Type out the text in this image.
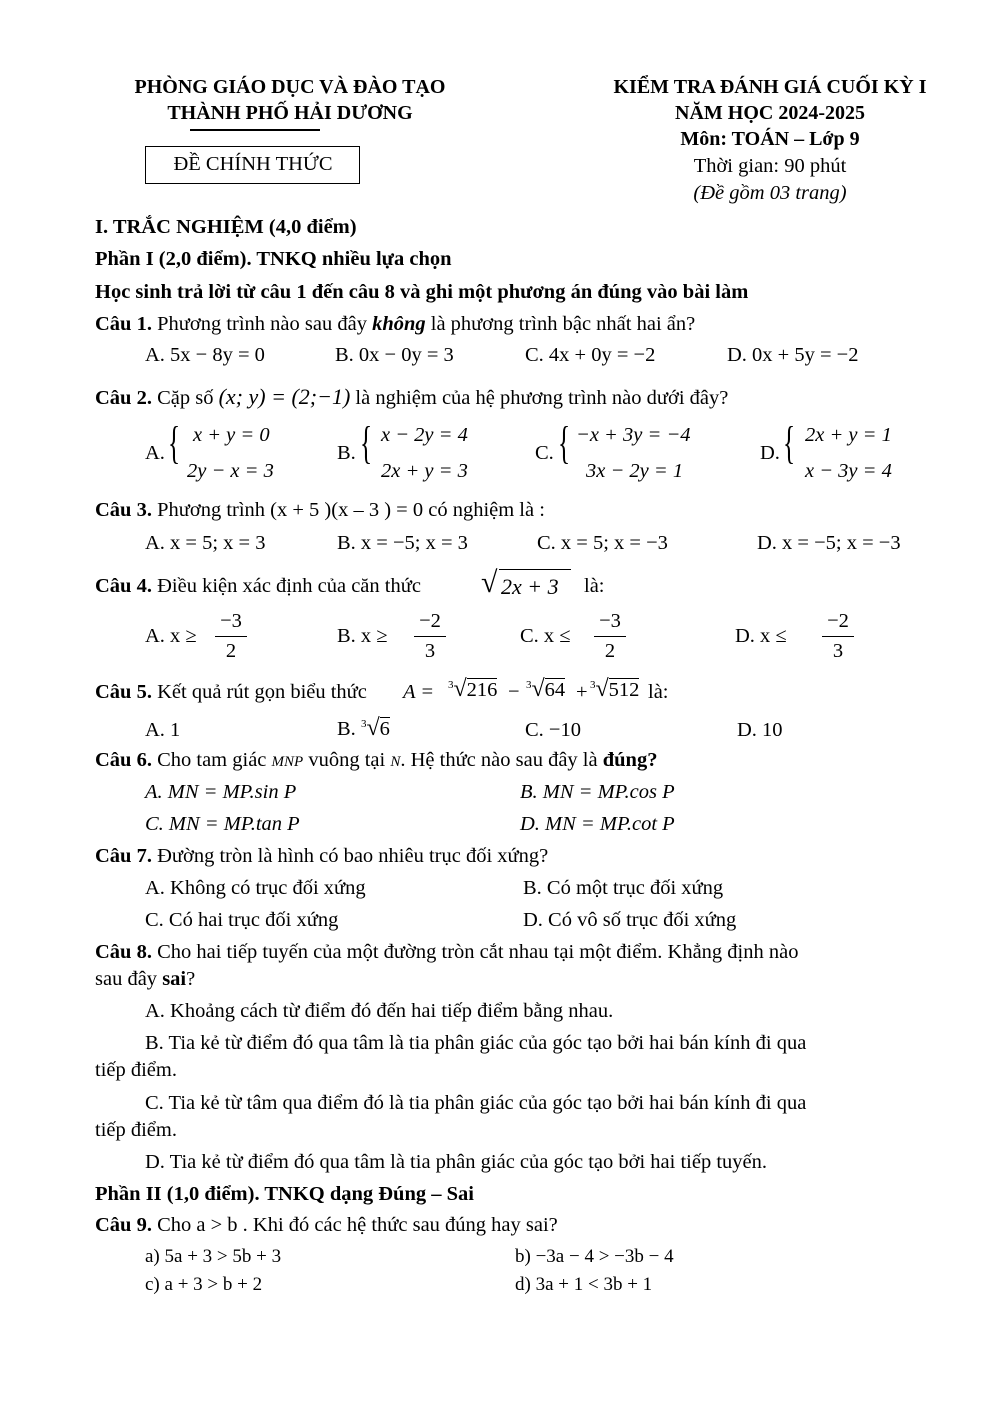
PHÒNG GIÁO DỤC VÀ ĐÀO TẠO
THÀNH PHỐ HẢI DƯƠNG
ĐỀ CHÍNH THỨC
KIỂM TRA ĐÁNH GIÁ CUỐI KỲ I
NĂM HỌC 2024-2025
Môn: TOÁN – Lớp 9
Thời gian: 90 phút
(Đề gồm 03 trang)
I. TRẮC NGHIỆM (4,0 điểm)
Phần I (2,0 điểm). TNKQ nhiều lựa chọn
Học sinh trả lời từ câu 1 đến câu 8 và ghi một phương án đúng vào bài làm
Câu 1. Phương trình nào sau đây không là phương trình bậc nhất hai ẩn?
A. 5x − 8y = 0	B. 0x − 0y = 3	C. 4x + 0y = −2	D. 0x + 5y = −2
Câu 2. Cặp số (x; y) = (2;−1) là nghiệm của hệ phương trình nào dưới đây?
A. { x + y = 0
2y − x = 3
B. { x − 2y = 4
2x + y = 3
C. { −x + 3y = −4
3x − 2y = 1
D. { 2x + y = 1
x − 3y = 4
Câu 3. Phương trình (x + 5 )(x – 3 ) = 0 có nghiệm là :
A. x = 5; x = 3	B. x = −5; x = 3	C. x = 5; x = −3	D. x = −5; x = −3
Câu 4. Điều kiện xác định của căn thức √ 2x + 3 là:
A. x ≥
−3
2
B. x ≥
−2
3
C. x ≤
−3
2
D. x ≤
−2
3
Câu 5. Kết quả rút gọn biểu thức A = $^3$√216 − $^3$√64 + $^3$√512 là:
A. 1	B. $^3$√6	C. −10	D. 10
Câu 6. Cho tam giác MNP vuông tại N. Hệ thức nào sau đây là đúng?
A. MN = MP.sin P	B. MN = MP.cos P
C. MN = MP.tan P	D. MN = MP.cot P
Câu 7. Đường tròn là hình có bao nhiêu trục đối xứng?
A. Không có trục đối xứng	B. Có một trục đối xứng
C. Có hai trục đối xứng	D. Có vô số trục đối xứng
Câu 8. Cho hai tiếp tuyến của một đường tròn cắt nhau tại một điểm. Khẳng định nào
sau đây sai?
A. Khoảng cách từ điểm đó đến hai tiếp điểm bằng nhau.
B. Tia kẻ từ điểm đó qua tâm là tia phân giác của góc tạo bởi hai bán kính đi qua
tiếp điểm.
C. Tia kẻ từ tâm qua điểm đó là tia phân giác của góc tạo bởi hai bán kính đi qua
tiếp điểm.
D. Tia kẻ từ điểm đó qua tâm là tia phân giác của góc tạo bởi hai tiếp tuyến.
Phần II (1,0 điểm). TNKQ dạng Đúng – Sai
Câu 9. Cho a > b . Khi đó các hệ thức sau đúng hay sai?
a) 5a + 3 > 5b + 3	b) −3a − 4 > −3b − 4
c) a + 3 > b + 2	d) 3a + 1 < 3b + 1
